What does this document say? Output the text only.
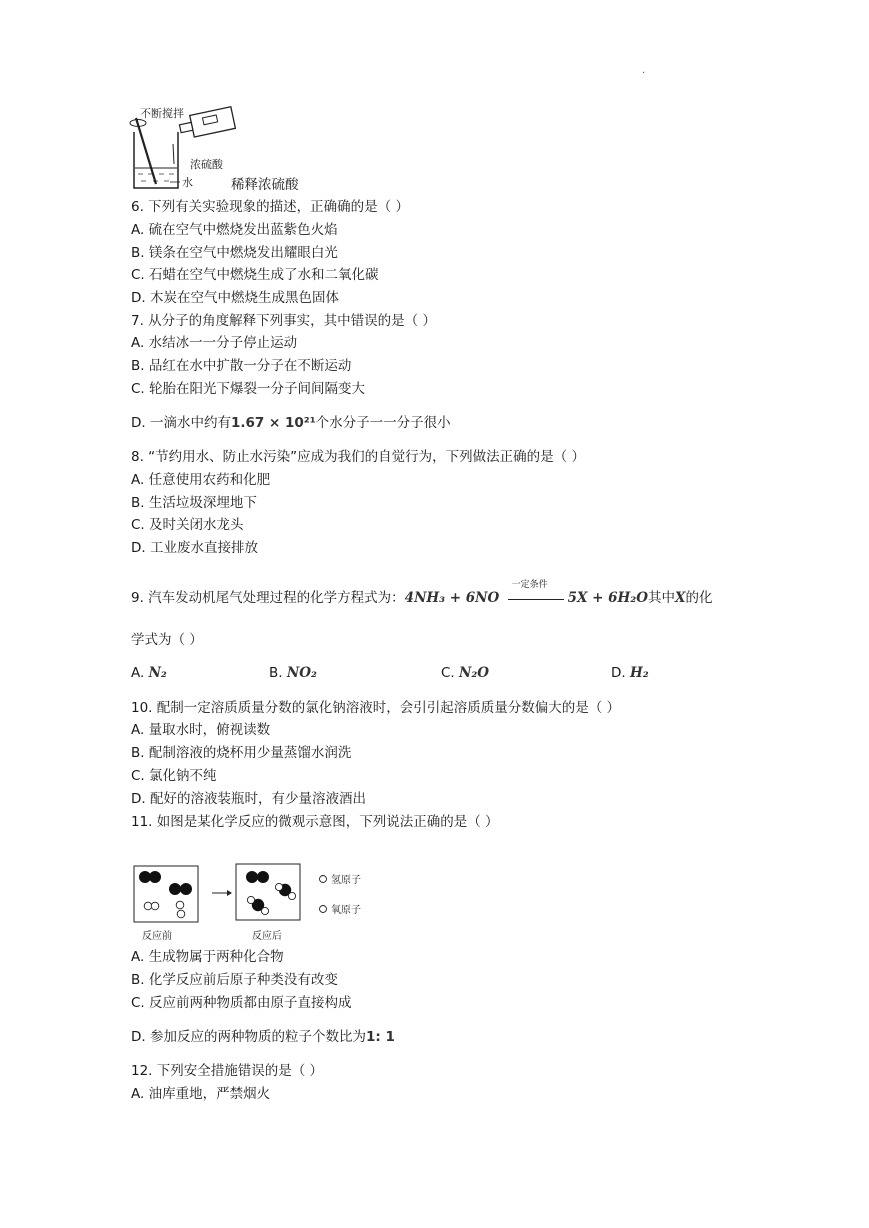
·
不断搅拌
浓硫酸
水	稀释浓硫酸
6. 下列有关实验现象的描述，正确确的是（ ）
A. 硫在空气中燃烧发出蓝紫色火焰
B. 镁条在空气中燃烧发出耀眼白光
C. 石蜡在空气中燃烧生成了水和二氧化碳
D. 木炭在空气中燃烧生成黑色固体
7. 从分子的角度解释下列事实，其中错误的是（ ）
A. 水结冰一一分子停止运动
B. 品红在水中扩散一分子在不断运动
C. 轮胎在阳光下爆裂一分子间间隔变大
D. 一滴水中约有1.67 × 10²¹个水分子一一分子很小
8. “节约用水、防止水污染”应成为我们的自觉行为，下列做法正确的是（ ）
A. 任意使用农药和化肥
B. 生活垃圾深埋地下
C. 及时关闭水龙头
D. 工业废水直接排放
9. 汽车发动机尾气处理过程的化学方程式为：4NH₃ + 6NO
一定条件
5X + 6H₂O其中X的化
学式为（ ）
A. N₂	B. NO₂	C. N₂O	D. H₂
10. 配制一定溶质质量分数的氯化钠溶液时，会引引起溶质质量分数偏大的是（ ）
A. 量取水时，俯视读数
B. 配制溶液的烧杯用少量蒸馏水润洗
C. 氯化钠不纯
D. 配好的溶液装瓶时，有少量溶液酒出
11. 如图是某化学反应的微观示意图，下列说法正确的是（ ）
氢原子
氧原子
反应前	反应后
A. 生成物属于两种化合物
B. 化学反应前后原子种类没有改变
C. 反应前两种物质都由原子直接构成
D. 参加反应的两种物质的粒子个数比为1: 1
12. 下列安全措施错误的是（ ）
A. 油库重地，严禁烟火
